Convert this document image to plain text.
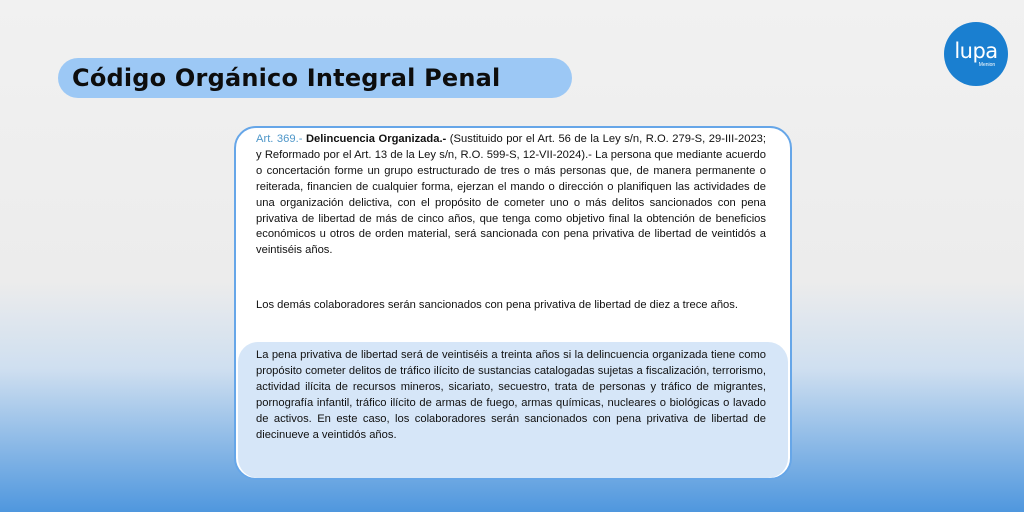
Código Orgánico Integral Penal
lupa
Menion
Art. 369.- Delincuencia Organizada.- (Sustituido por el Art. 56 de la Ley s/n, R.O. 279-S, 29-III-2023; y Reformado por el Art. 13 de la Ley s/n, R.O. 599-S, 12-VII-2024).- La persona que mediante acuerdo o concertación forme un grupo estructurado de tres o más personas que, de manera permanente o reiterada, financien de cualquier forma, ejerzan el mando o dirección o planifiquen las actividades de una organización delictiva, con el propósito de cometer uno o más delitos sancionados con pena privativa de libertad de más de cinco años, que tenga como objetivo final la obtención de beneficios económicos u otros de orden material, será sancionada con pena privativa de libertad de veintidós a veintiséis años.
Los demás colaboradores serán sancionados con pena privativa de libertad de diez a trece años.
La pena privativa de libertad será de veintiséis a treinta años si la delincuencia organizada tiene como propósito cometer delitos de tráfico ilícito de sustancias catalogadas sujetas a fiscalización, terrorismo, actividad ilícita de recursos mineros, sicariato, secuestro, trata de personas y tráfico de migrantes, pornografía infantil, tráfico ilícito de armas de fuego, armas químicas, nucleares o biológicas o lavado de activos. En este caso, los colaboradores serán sancionados con pena privativa de libertad de diecinueve a veintidós años.
